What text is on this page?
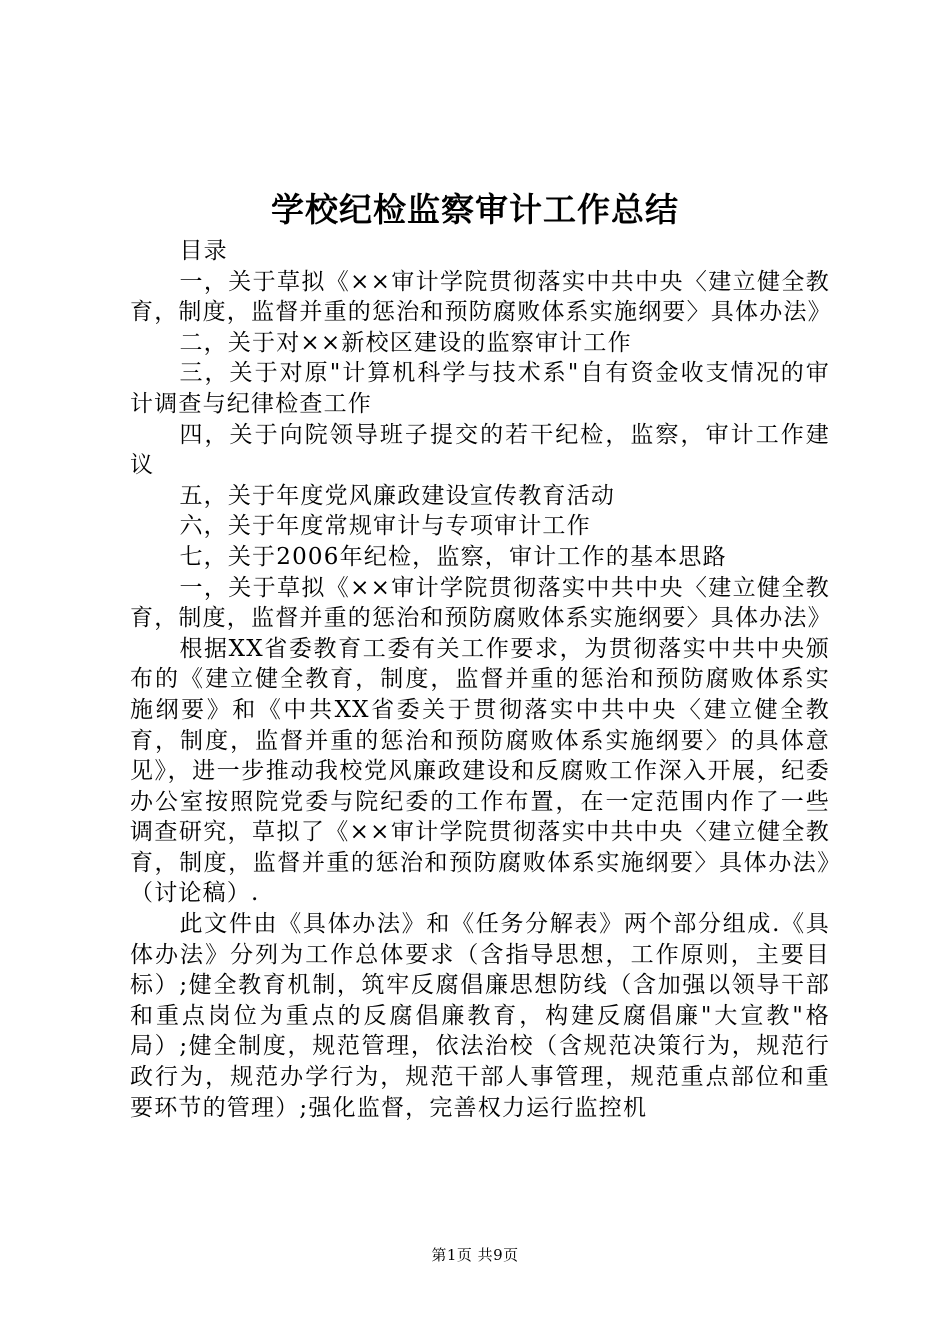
学校纪检监察审计工作总结

目录

一，关于草拟《××审计学院贯彻落实中共中央〈建立健全教育，制度，监督并重的惩治和预防腐败体系实施纲要〉具体办法》

二，关于对××新校区建设的监察审计工作

三，关于对原"计算机科学与技术系"自有资金收支情况的审计调查与纪律检查工作

四，关于向院领导班子提交的若干纪检，监察，审计工作建议

五，关于年度党风廉政建设宣传教育活动

六，关于年度常规审计与专项审计工作

七，关于2006年纪检，监察，审计工作的基本思路

一，关于草拟《××审计学院贯彻落实中共中央〈建立健全教育，制度，监督并重的惩治和预防腐败体系实施纲要〉具体办法》

根据XX省委教育工委有关工作要求，为贯彻落实中共中央颁布的《建立健全教育，制度，监督并重的惩治和预防腐败体系实施纲要》和《中共XX省委关于贯彻落实中共中央〈建立健全教育，制度，监督并重的惩治和预防腐败体系实施纲要〉的具体意见》，进一步推动我校党风廉政建设和反腐败工作深入开展，纪委办公室按照院党委与院纪委的工作布置，在一定范围内作了一些调查研究，草拟了《××审计学院贯彻落实中共中央〈建立健全教育，制度，监督并重的惩治和预防腐败体系实施纲要〉具体办法》（讨论稿）.

此文件由《具体办法》和《任务分解表》两个部分组成.《具体办法》分列为工作总体要求（含指导思想，工作原则，主要目标）;健全教育机制，筑牢反腐倡廉思想防线（含加强以领导干部和重点岗位为重点的反腐倡廉教育，构建反腐倡廉"大宣教"格局）;健全制度，规范管理，依法治校（含规范决策行为，规范行政行为，规范办学行为，规范干部人事管理，规范重点部位和重要环节的管理）;强化监督，完善权力运行监控机

第1页 共9页
